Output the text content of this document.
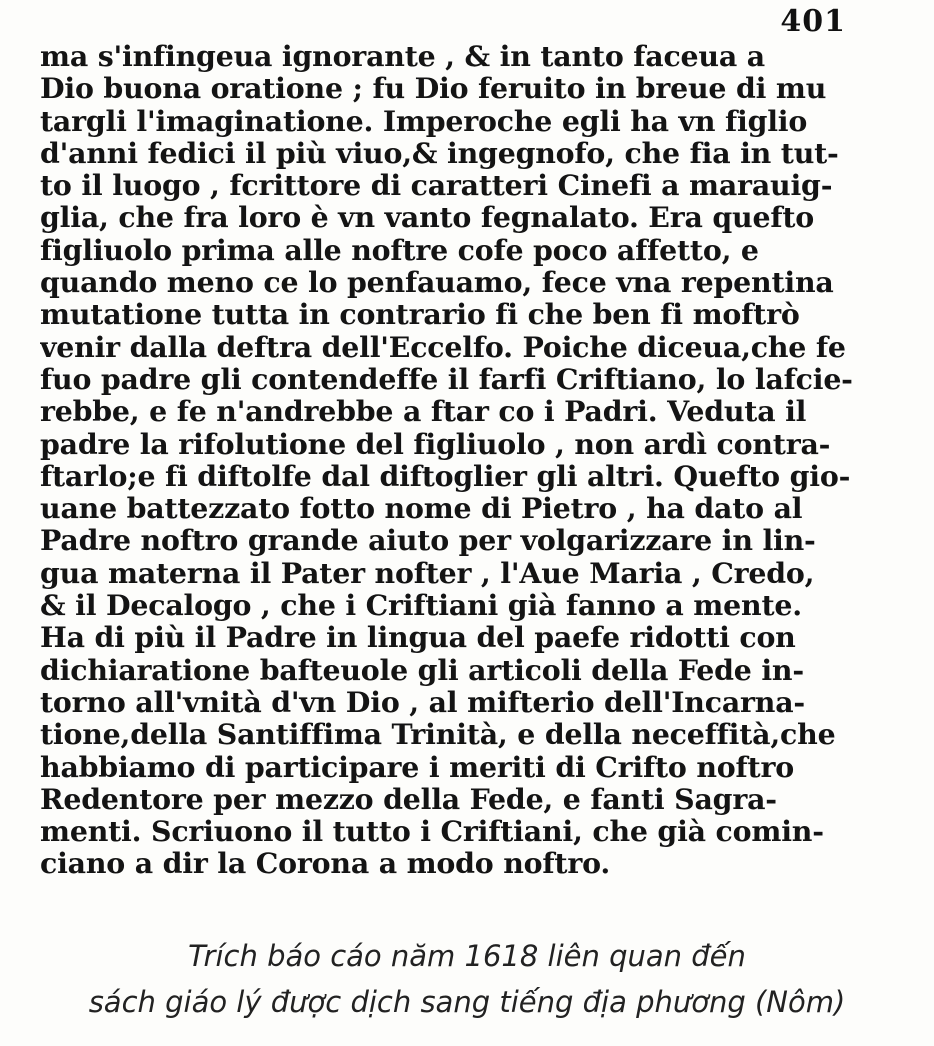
401
ma s'infingeua ignorante , & in tanto faceua a
Dio buona oratione ; fu Dio feruito in breue di mu
targli l'imaginatione. Imperoche egli ha vn figlio
d'anni fedici il più viuo,& ingegnofo, che fia in tut-
to il luogo , fcrittore di caratteri Cinefi a marauig-
glia, che fra loro è vn vanto fegnalato. Era quefto
figliuolo prima alle noftre cofe poco affetto, e
quando meno ce lo penfauamo, fece vna repentina
mutatione tutta in contrario fi che ben fi moftrò
venir dalla deftra dell'Eccelfo. Poiche diceua,che fe
fuo padre gli contendeffe il farfi Criftiano, lo lafcie-
rebbe, e fe n'andrebbe a ftar co i Padri. Veduta il
padre la rifolutione del figliuolo , non ardì contra-
ftarlo;e fi diftolfe dal diftoglier gli altri. Quefto gio-
uane battezzato fotto nome di Pietro , ha dato al
Padre noftro grande aiuto per volgarizzare in lin-
gua materna il Pater nofter , l'Aue Maria , Credo,
& il Decalogo , che i Criftiani già fanno a mente.
Ha di più il Padre in lingua del paefe ridotti con
dichiaratione bafteuole gli articoli della Fede in-
torno all'vnità d'vn Dio , al mifterio dell'Incarna-
tione,della Santiffima Trinità, e della neceffità,che
habbiamo di participare i meriti di Crifto noftro
Redentore per mezzo della Fede, e fanti Sagra-
menti. Scriuono il tutto i Criftiani, che già comin-
ciano a dir la Corona a modo noftro.
Trích báo cáo năm 1618 liên quan đến
sách giáo lý được dịch sang tiếng địa phương (Nôm)
